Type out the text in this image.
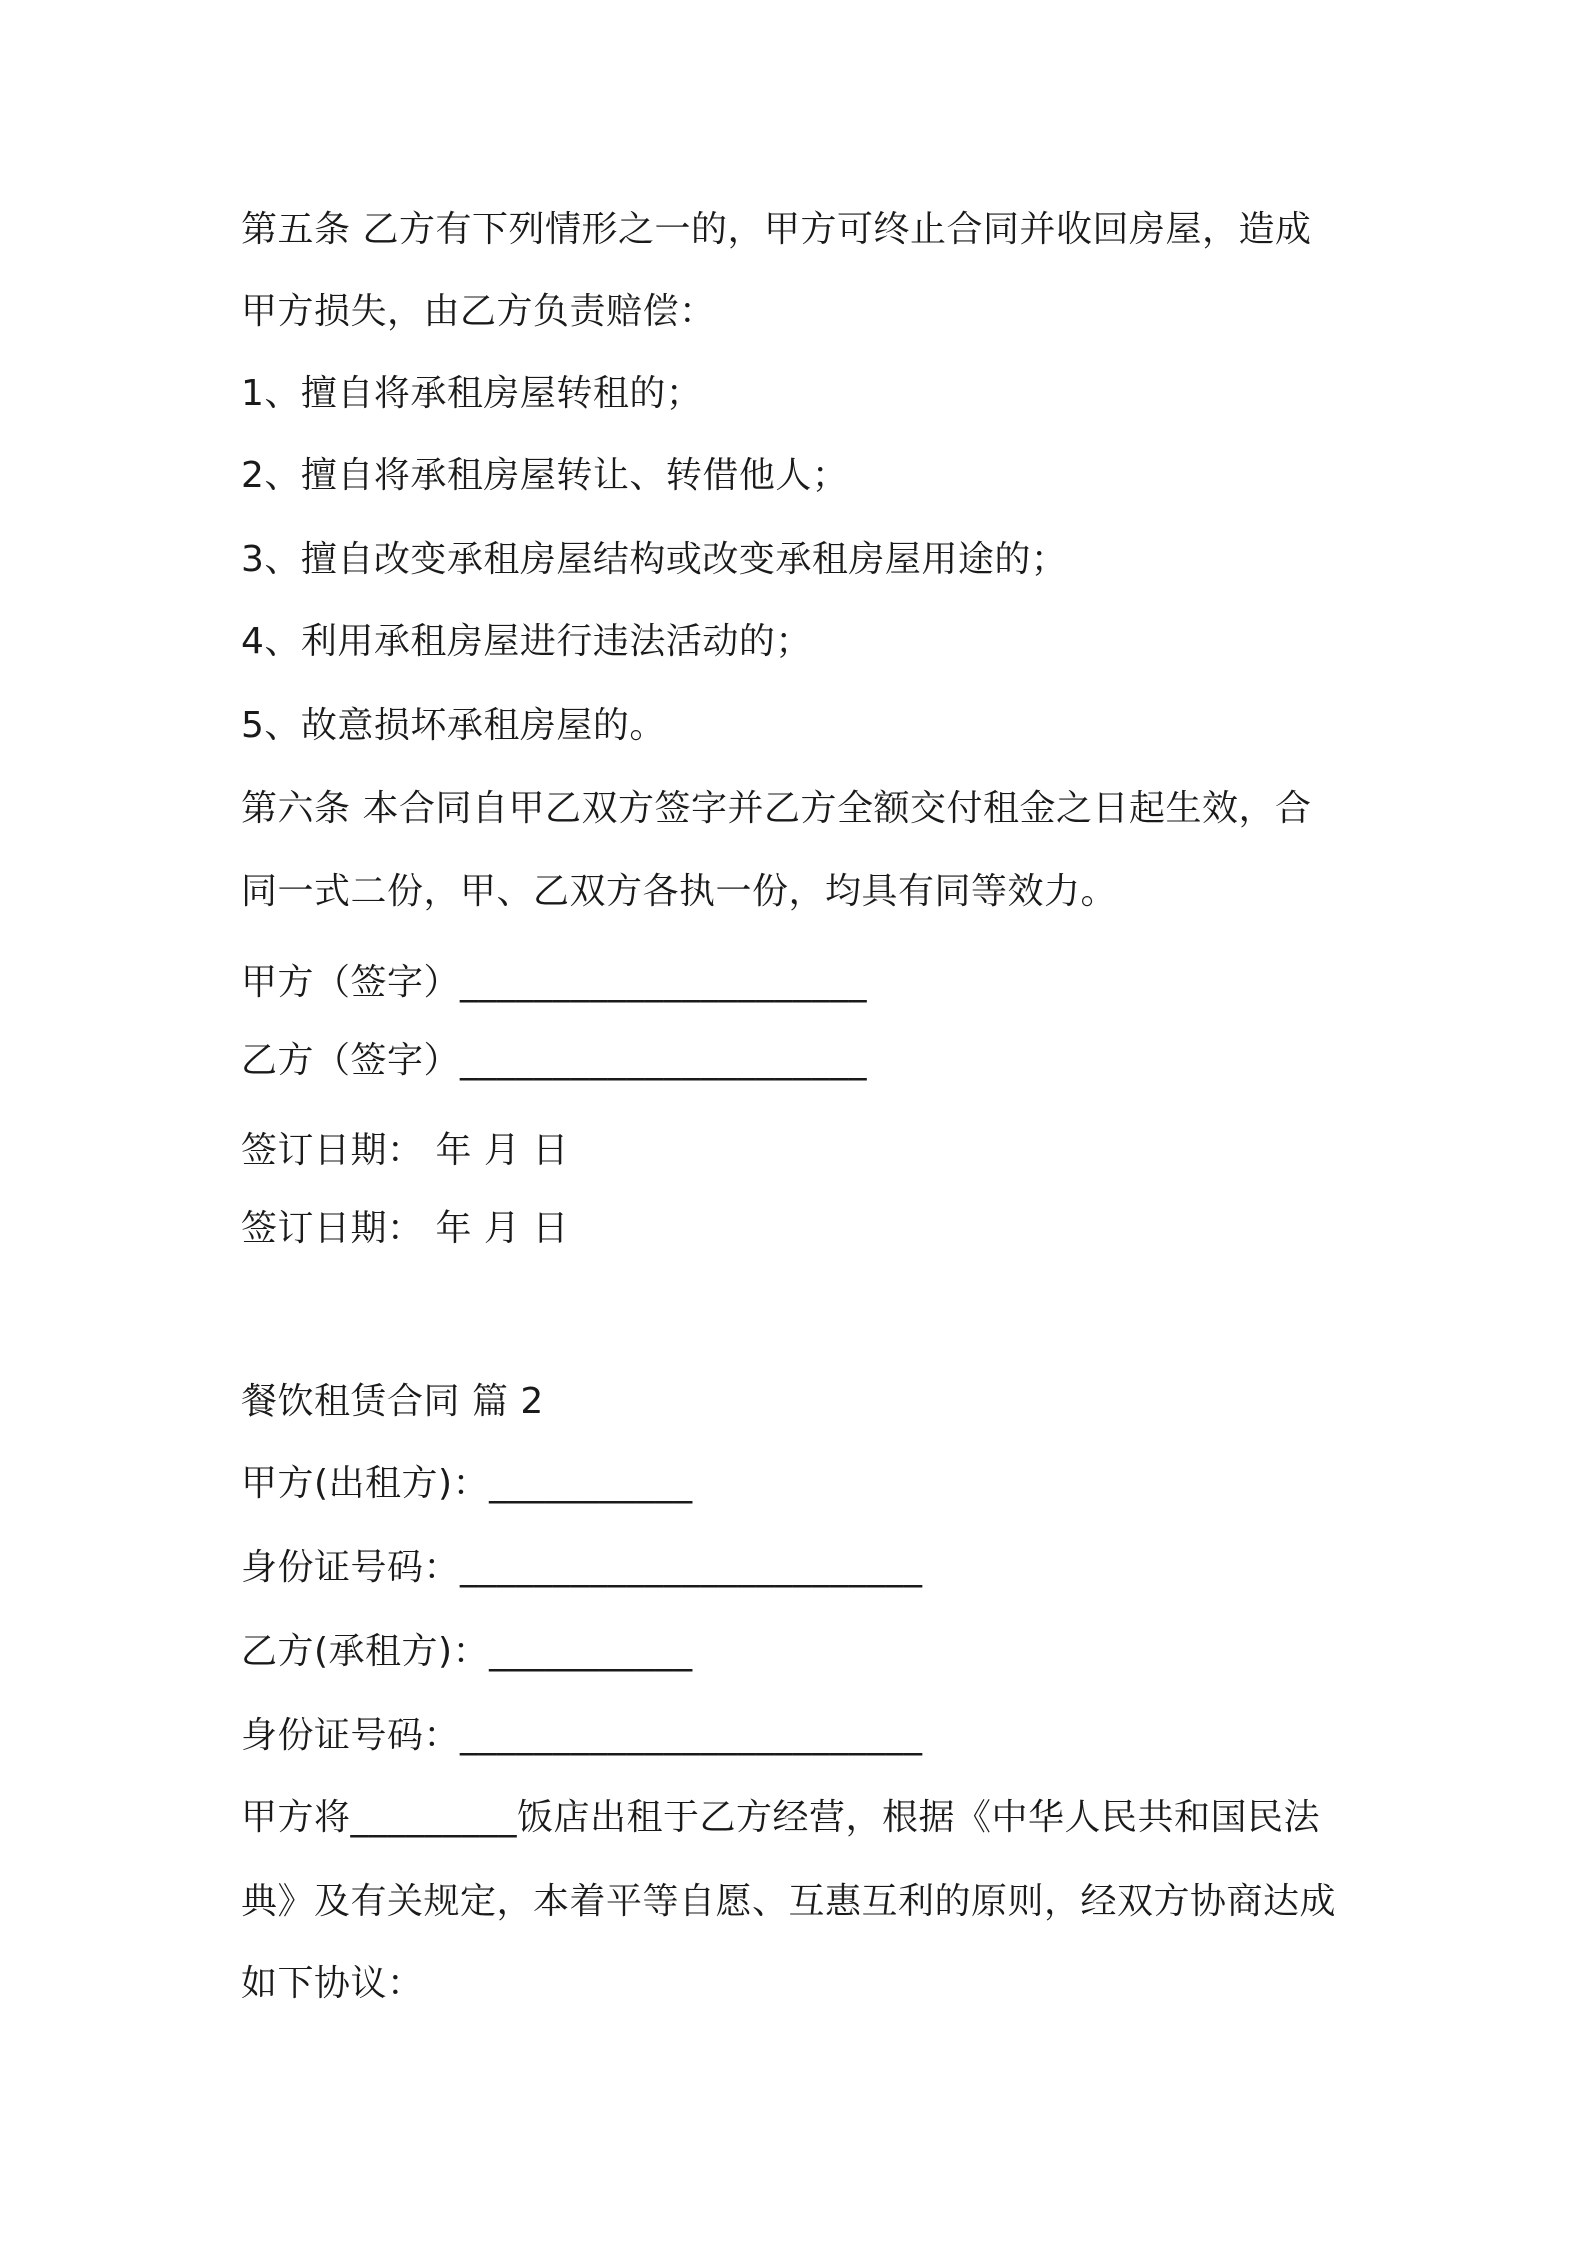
第五条 乙方有下列情形之一的，甲方可终止合同并收回房屋，造成
甲方损失，由乙方负责赔偿：
1、擅自将承租房屋转租的；
2、擅自将承租房屋转让、转借他人；
3、擅自改变承租房屋结构或改变承租房屋用途的；
4、利用承租房屋进行违法活动的；
5、故意损坏承租房屋的。
第六条 本合同自甲乙双方签字并乙方全额交付租金之日起生效，合
同一式二份，甲、乙双方各执一份，均具有同等效力。
甲方（签字）______________________
乙方（签字）______________________
签订日期： 年 月 日
签订日期： 年 月 日
餐饮租赁合同 篇 2
甲方(出租方)：___________
身份证号码：_________________________
乙方(承租方)：___________
身份证号码：_________________________
甲方将_________饭店出租于乙方经营，根据《中华人民共和国民法
典》及有关规定，本着平等自愿、互惠互利的原则，经双方协商达成
如下协议：
